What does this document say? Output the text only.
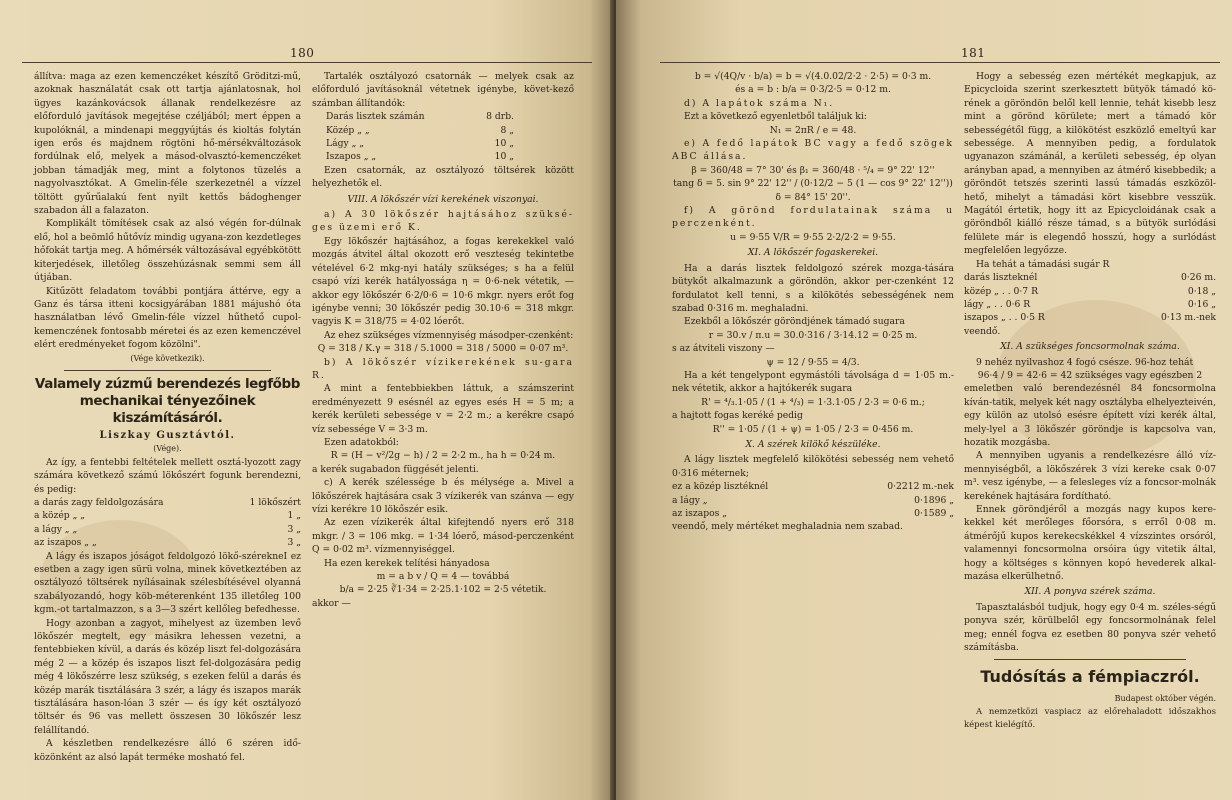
180

állítva: maga az ezen kemenczéket készítő Gröditzi-mű, azoknak használatát csak ott tartja ajánlatosnak, hol ügyes kazánkovácsok állanak rendelkezésre az előforduló javítások megejtése czéljából; mert éppen a kupolóknál, a mindenapi meggyújtás és kioltás folytán igen erős és majdnem rögtöni hő-mérsékváltozások fordúlnak elő, melyek a másod-olvasztó-kemenczéket jobban támadják meg, mint a folytonos tüzelés a nagyolvasztókat. A Gmelin-féle szerkezetnél a vízzel töltött gyűrűalakú fent nyilt kettős bádoghenger szabadon áll a falazaton.

Komplikált tömítések csak az alsó végén for-dúlnak elő, hol a beömlő hűtővíz mindig ugyana-zon kezdetleges hőfokát tartja meg. A hőmérsék változásával egyébkötött kiterjedések, illetőleg összehúzásnak semmi sem áll útjában.

Kitűzött feladatom további pontjára áttérve, egy a Ganz és társa itteni kocsigyárában 1881 májushó óta használatban lévő Gmelin-féle vízzel hűthető cupol-kemenczének fontosabb méretei és az ezen kemenczével elért eredményeket fogom közölni".

(Vége következik).

Valamely zúzmű berendezés legfőbb mechanikai tényezőinek kiszámításáról.

Liszkay Gusztávtól.

(Vége).

Az így, a fentebbi feltételek mellett osztá-lyozott zagy számára következő számú lökőszért fogunk berendezni, és pedig:

a darás zagy feldolgozására	1 lökőszért
a közép „ „	1 „
a lágy „ „	3 „
az iszapos „ „	3 „

A lágy és iszapos jóságot feldolgozó lökő-szérekneI ez esetben a zagy igen sürü volna, minek következtében az osztályozó töltsérek nyílásainak szélesbítésével olyanná szabályozandó, hogy köb-méterenként 135 illetőleg 100 kgm.-ot tartalmazzon, s a 3—3 szért kellőleg befedhesse.

Hogy azonban a zagyot, mihelyest az üzemben levő lökőszér megtelt, egy másikra lehessen vezetni, a fentebbieken kívül, a darás és közép liszt fel-dolgozására még 2 — a közép és iszapos liszt fel-dolgozására pedig még 4 lökőszérre lesz szükség, s ezeken felül a darás és közép marák tisztálására 3 szér, a lágy és iszapos marák tisztálására hason-lóan 3 szér — és így két osztályozó töltsér és 96 vas mellett összesen 30 lökőszér lesz felállítandó.

A készletben rendelkezésre álló 6 széren idő-közönként az alsó lapát terméke mosható fel.

Tartalék osztályozó csatornák — melyek csak az előforduló javításoknál vétetnek igénybe, követ-kező számban állítandók:

Darás lisztek számán	8 drb.
Közép „ „	8 „
Lágy „ „	10 „
Iszapos „ „	10 „

Ezen csatornák, az osztályozó töltsérek között helyezhetők el.

VIII. A lökőszér vízi kerekének viszonyai.

a) A 30 lökőszér hajtásához szüksé-ges üzemi erő K.

Egy lökőszér hajtásához, a fogas kerekekkel való mozgás átvitel által okozott erő veszteség tekintetbe vételével 6·2 mkg-nyi hatály szükséges; s ha a felül csapó vízi kerék hatályossága η = 0·6-nek vétetik, — akkor egy lökőszér 6·2/0·6 = 10·6 mkgr. nyers erőt fog igénybe venni; 30 lökőszér pedig 30.10·6 = 318 mkgr. vagyis K = 318/75 = 4·02 lóerőt.

Az ehez szükséges vízmennyiség másodper-czenként:

Q = 318 / K.γ = 318 / 5.1000 = 318 / 5000 = 0·07 m³.

b) A lökőszér vízikerekének su-gara R.

A mint a fentebbiekben láttuk, a számszerint eredményezett 9 esésnél az egyes esés H = 5 m; a kerék kerületi sebessége v = 2·2 m.; a kerékre csapó víz sebessége V = 3·3 m.

Ezen adatokból:

R = (H − v²/2g − h) / 2 = 2·2 m., ha h = 0·24 m.

a kerék sugabadon függését jelenti.

c) A kerék szélessége b és mélysége a. Mivel a lökőszérek hajtására csak 3 vízikerék van szánva — egy vízi kerékre 10 lökőszér esik.

Az ezen vízikerék által kifejtendő nyers erő 318 mkgr. / 3 = 106 mkg. = 1·34 lóerő, másod-perczenként Q = 0·02 m³. vízmennyiséggel.

Ha ezen kerekek telítési hányadosa

m = a b v / Q = 4 — továbbá

b/a = 2·25 ∛1·34 = 2·25.1·102 = 2·5 vétetik.

akkor —

181

b = √(4Q/v · b/a) = b = √(4.0.02/2·2 · 2·5) = 0·3 m.

és a = b : b/a = 0·3/2·5 = 0·12 m.

d) A lapátok száma N₁.

Ezt a következő egyenletből találjuk ki:

N₁ = 2πR / e = 48.

e) A fedő lapátok BC vagy a fedő szögek ABC állása.

β = 360/48 = 7° 30' és β₁ = 360/48 · ⁵/₄ = 9° 22' 12''

tang δ = 5. sin 9° 22' 12'' / (0·12/2 − 5 (1 — cos 9° 22' 12''))

δ = 84° 15' 20''.

f) A görönd fordulatainak száma u perczenként.

u = 9·55 V/R = 9·55 2·2/2·2 = 9·55.

XI. A lökőszér fogaskerekei.

Ha a darás lisztek feldolgozó szérek mozga-tására bütykőt alkalmazunk a göröndön, akkor per-czenként 12 fordulatot kell tenni, s a kilökötés sebességének nem szabad 0·316 m. meghaladni.

Ezekből a lökőszér göröndjének támadó sugara

r = 30.v / π.u = 30.0·316 / 3·14.12 = 0·25 m.

s az átviteli viszony —

ψ = 12 / 9·55 = 4/3.

Ha a két tengelypont egymástóli távolsága d = 1·05 m.-nek vétetik, akkor a hajtókerék sugara

R' = ⁴/₃.1·05 / (1 + ⁴/₃) = 1·3.1·05 / 2·3 = 0·6 m.;

a hajtott fogas keréké pedig

R'' = 1·05 / (1 + ψ) = 1·05 / 2·3 = 0·456 m.

X. A szérek kilökő készüléke.

A lágy lisztek megfelelő kilökötési sebesség nem vehető 0·316 méternek;

ez a közép lisztéknél	0·2212 m.-nek
a lágy „	0·1896 „
az iszapos „	0·1589 „

veendő, mely mértéket meghaladnia nem szabad.

Hogy a sebesség ezen mértékét megkapjuk, az Epicycloida szerint szerkesztett bütyök támadó kö-rének a göröndön belől kell lennie, tehát kisebb lesz mint a görönd körülete; mert a támadó kör sebességétől függ, a kilökötést eszközlő emeltyű kar sebessége. A mennyiben pedig, a fordulatok ugyanazon számánál, a kerületi sebesség, ép olyan arányban apad, a mennyiben az átmérő kisebbedik; a göröndöt tetszés szerinti lassú támadás eszközöl-hető, mihelyt a támadási kört kisebbre vesszük. Magától értetik, hogy itt az Epicycloidának csak a göröndből kiálló része támad, s a bütyök surlódási felülete már is elegendő hosszú, hogy a surlódást megfelelően legyőzze.

Ha tehát a támadási sugár R

darás liszteknél	0·26 m.
közép „ . . 0·7 R	0·18 „
lágy „ . . 0·6 R	0·16 „
iszapos „ . . 0·5 R	0·13 m.-nek

veendő.

XI. A szükséges foncsormolnak száma.

9 nehéz nyilvashoz 4 fogó csésze. 96-hoz tehát

96·4 / 9 = 42·6 = 42 szükséges vagy egészben 2

emeletben való berendezésnél 84 foncsormolna kíván-tatik, melyek két nagy osztályba elhelyezteivén, egy külön az utolsó esésre épített vízi kerék által, mely-lyel a 3 lökőszér göröndje is kapcsolva van, hozatik mozgásba.

A mennyiben ugyanis a rendelkezésre álló víz-mennyiségből, a lökőszérek 3 vízi kereke csak 0·07 m³. vesz igénybe, — a felesleges víz a foncsor-molnák kerekének hajtására fordítható.

Ennek göröndjéről a mozgás nagy kupos kere-kekkel két merőleges főorsóra, s erről 0·08 m. átmérőjű kupos kerekecskékkel 4 vízszintes orsóról, valamennyi foncsormolna orsóira úgy vitetik által, hogy a költséges s könnyen kopó hevederek alkal-mazása elkerülhetnő.

XII. A ponyva szérek száma.

Tapasztalásból tudjuk, hogy egy 0·4 m. széles-ségű ponyva szér, körülbelől egy foncsormolnának felel meg; ennél fogva ez esetben 80 ponyva szér vehető számításba.

Tudósítás a fémpiaczról.

Budapest október végén.

A nemzetközi vaspiacz az előrehaladott időszakhos képest kielégítő.
